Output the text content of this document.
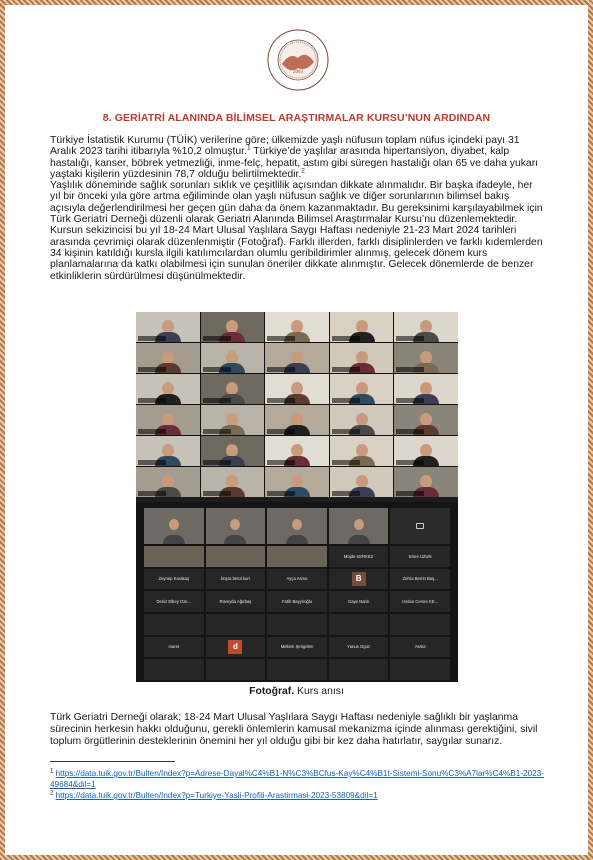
2003
8. GERİATRİ ALANINDA BİLİMSEL ARAŞTIRMALAR KURSU’NUN ARDINDAN

Türkiye İstatistik Kurumu (TÜİK) verilerine göre; ülkemizde yaşlı nüfusun toplam nüfus içindeki payı 31 Aralık 2023 tarihi itibarıyla %10,2 olmuştur.$^1$ Türkiye’de yaşlılar arasında hipertansiyon, diyabet, kalp hastalığı, kanser, böbrek yetmezliği, inme-felç, hepatit, astım gibi süregen hastalığı olan 65 ve daha yukarı yaştaki kişilerin yüzdesinin 78,7 olduğu belirtilmektedir.$^2$

Yaşlılık döneminde sağlık sorunları sıklık ve çeşitlilik açısından dikkate alınmalıdır. Bir başka ifadeyle, her yıl bir önceki yıla göre artma eğiliminde olan yaşlı nüfusun sağlık ve diğer sorunlarının bilimsel bakış açısıyla değerlendirilmesi her geçen gün daha da önem kazanmaktadır. Bu gereksinimi karşılayabilmek için Türk Geriatri Derneği düzenli olarak Geriatri Alanında Bilimsel Araştırmalar Kursu’nu düzenlemektedir. Kursun sekizincisi bu yıl 18-24 Mart Ulusal Yaşlılara Saygı Haftası nedeniyle 21-23 Mart 2024 tarihleri arasında çevrimiçi olarak düzenlenmiştir (Fotoğraf). Farklı illerden, farklı disiplinlerden ve farklı kıdemlerden 34 kişinin katıldığı kursla ilgili katılımcılardan olumlu geribildirimler alınmış, gelecek dönem kurs planlamalarına da katkı olabilmesi için sunulan öneriler dikkate alınmıştır. Gelecek dönemlerde de benzer etkinliklerin sürdürülmesi düşünülmektedir.

Müjde KERKEZ	Emre UZUN
Zeynep Karakaş	büşra betül kurt	Ayça Asma	B	Zehra Berrin Baş...
Deniz Elbey Oze...	Rüveyda Ağırbaş	Fatih Bayyiroğlu	Gaye Narin	Hatice Cemre KE...
maret	d	Meltem Şengelen	Yunus Oguz	Asma
Fotoğraf. Kurs anısı
Türk Geriatri Derneği olarak; 18-24 Mart Ulusal Yaşlılara Saygı Haftası nedeniyle sağlıklı bir yaşlanma sürecinin herkesin hakkı olduğunu, gerekli önlemlerin kamusal mekanizma içinde alınması gerektiğini, sivil toplum örgütlerinin desteklerinin önemini her yıl olduğu gibi bir kez daha hatırlatır, saygılar sunarız.
$^1$ https://data.tuik.gov.tr/Bulten/Index?p=Adrese-Dayal%C4%B1-N%C3%BCfus-Kay%C4%B1t-Sistemi-Sonu%C3%A7lar%C4%B1-2023-49684&dil=1
$^2$ https://data.tuik.gov.tr/Bulten/Index?p=Turkiye-Yasli-Profili-Arastirmasi-2023-53809&dil=1
